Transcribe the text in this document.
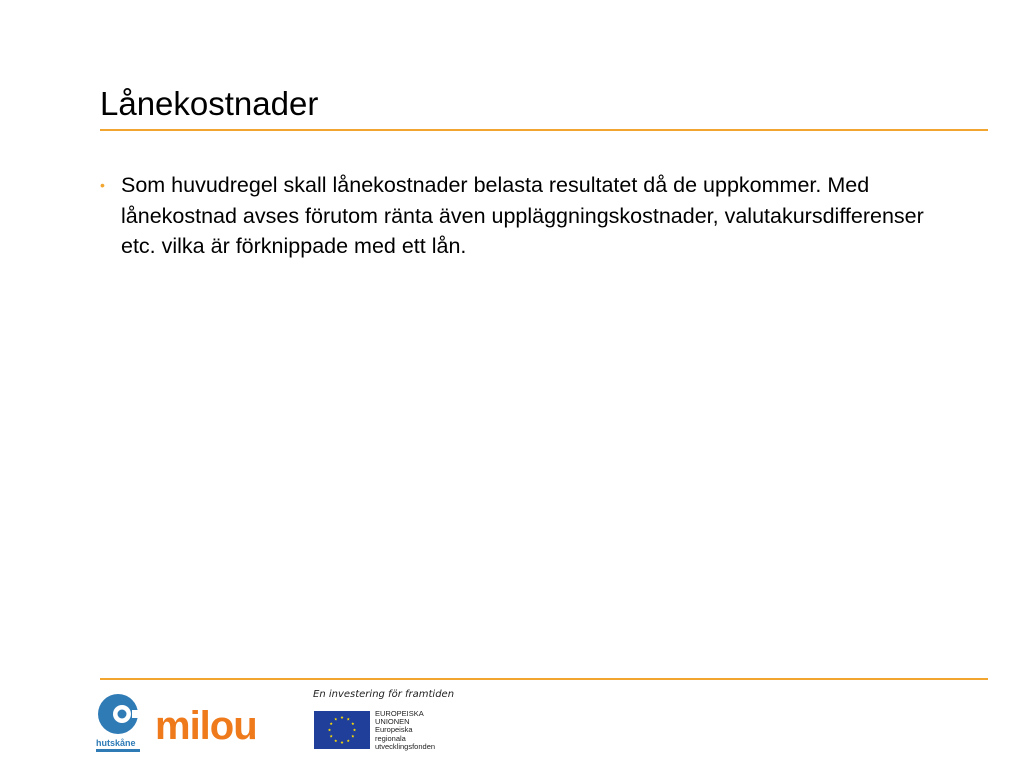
Lånekostnader
• Som huvudregel skall lånekostnader belasta resultatet då de uppkommer. Med lånekostnad avses förutom ränta även uppläggningskostnader, valutakursdifferenser etc. vilka är förknippade med ett lån.
hutskåne milou
En investering för framtiden
EUROPEISKA
UNIONEN
Europeiska
regionala
utvecklingsfonden
